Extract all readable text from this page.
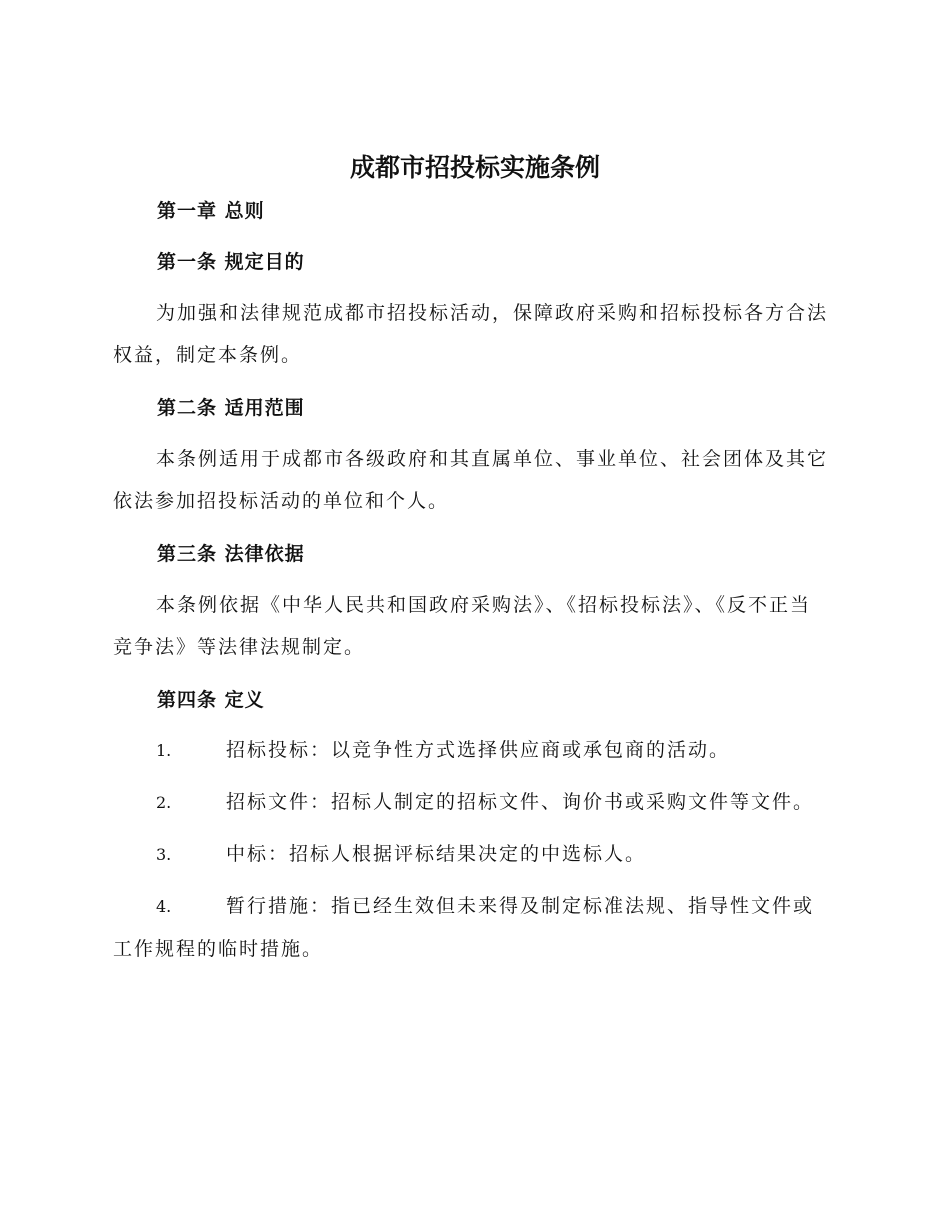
成都市招投标实施条例
第一章 总则
第一条 规定目的

为加强和法律规范成都市招投标活动，保障政府采购和招标投标各方合法权益，制定本条例。

第二条 适用范围

本条例适用于成都市各级政府和其直属单位、事业单位、社会团体及其它依法参加招投标活动的单位和个人。

第三条 法律依据

本条例依据《中华人民共和国政府采购法》、《招标投标法》、《反不正当竞争法》等法律法规制定。

第四条 定义
1.	招标投标：以竞争性方式选择供应商或承包商的活动。
2.	招标文件：招标人制定的招标文件、询价书或采购文件等文件。
3.	中标：招标人根据评标结果决定的中选标人。
4.	暂行措施：指已经生效但未来得及制定标准法规、指导性文件或工作规程的临时措施。
